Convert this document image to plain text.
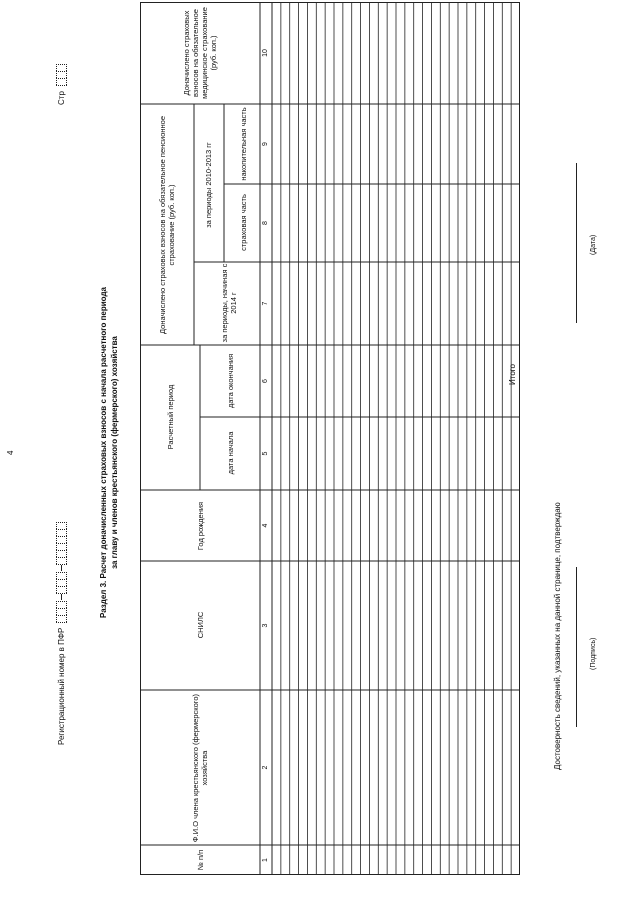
4
Регистрационный номер в ПФР
Стр
Раздел 3. Расчет доначисленных страховых взносов с начала расчетного периода за главу и членов крестьянского (фермерского) хозяйства
№ п/п
Ф.И.О члена крестьянского (фермерского) хозяйства
СНИЛС
Год рождения
Расчетный период
дата начала
дата окончания
Доначислено страховых взносов на обязательное пенсионное страхование (руб. коп.)
за периоды, начиная с 2014 г
за периоды 2010-2013 гг	страховая часть
накопительная часть
Доначислено страховых взносов на обязательное медицинское страхование (руб. коп.)
1
2
3
4
5
6
7
8
9
10
Итого
Достоверность сведений, указанных на данной странице, подтверждаю	(Подпись)
(Дата)
